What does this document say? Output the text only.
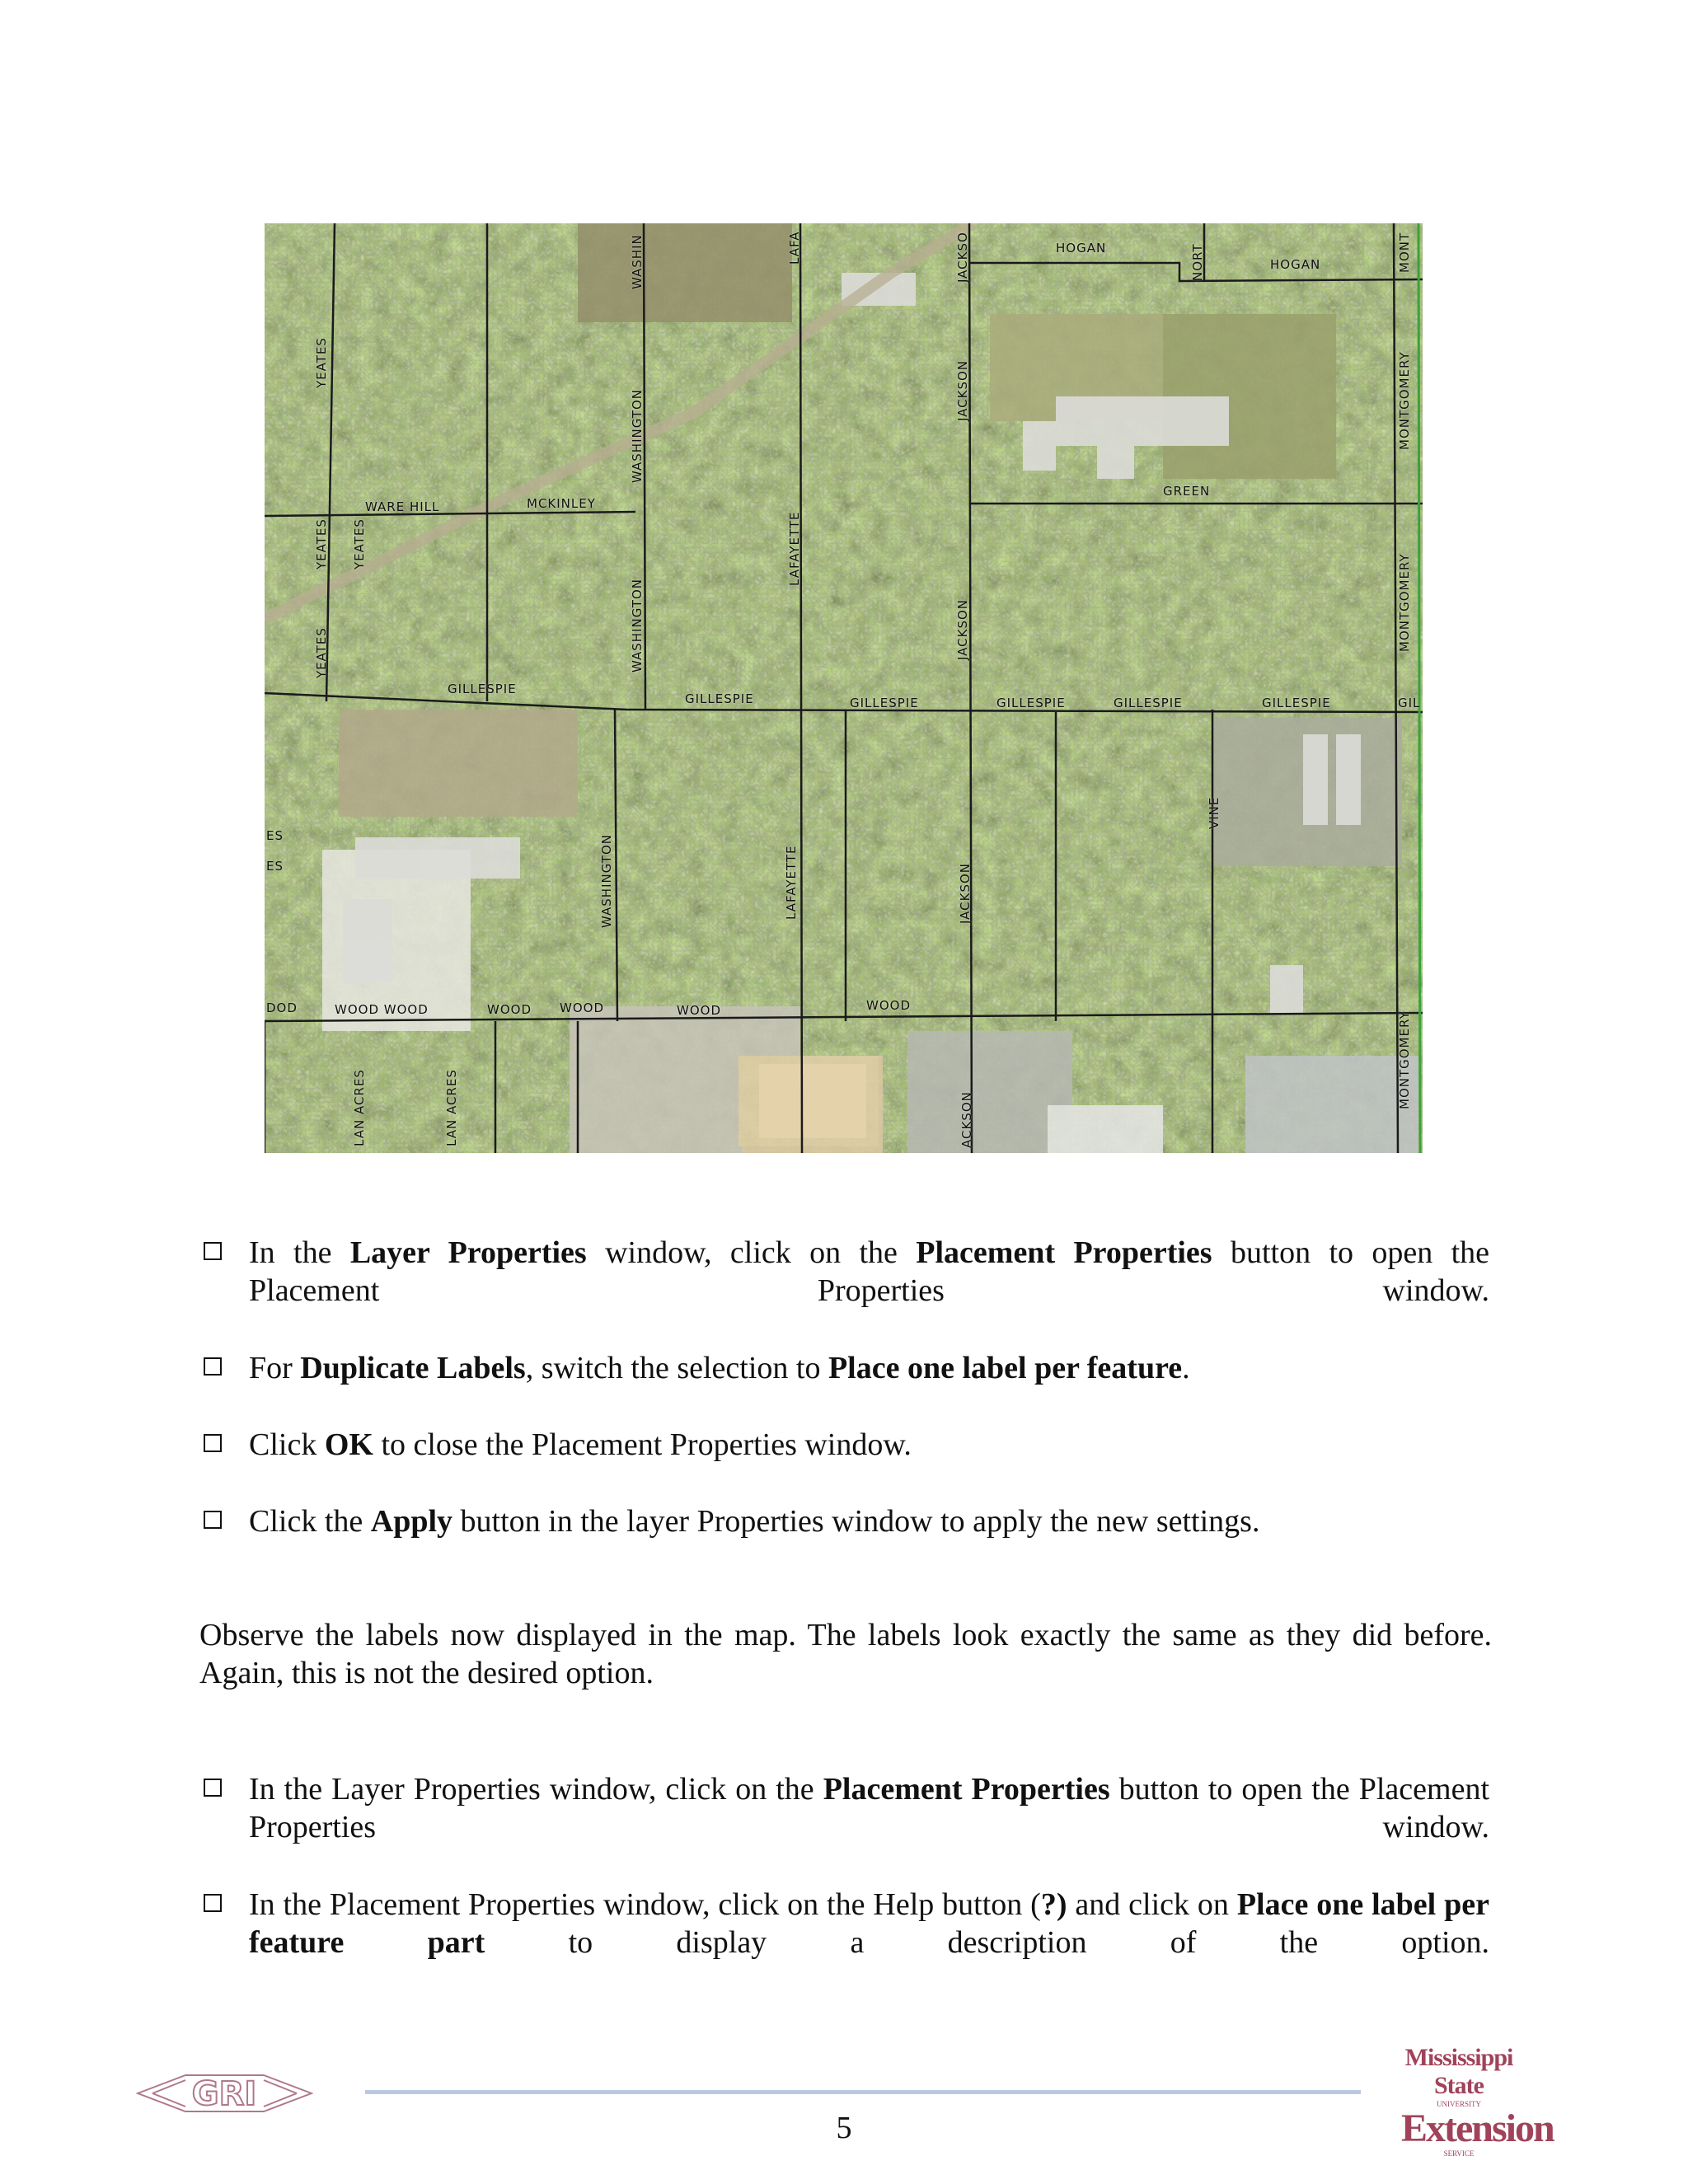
HOGAN
HOGAN
WARE HILL	MCKINLEY
GREEN
GILLESPIE
GILLESPIE	GILLESPIE	GILLESPIE	GILLESPIE	GILLESPIE	GIL
ES
ES
DOD	WOOD WOOD	WOOD WOOD	WOOD	WOOD
WASHIN	LAFA	JACKSO	MONT
NORT
YEATES
WASHINGTON	JACKSON	MONTGOMERY
YEATES YEATES	LAFAYETTE
WASHINGTON	JACKSON	MONTGOMERY
YEATES
WASHINGTON	LAFAYETTE	JACKSON
VINE
MONTGOMERY
LAN ACRES	LAN ACRES	ACKSON
In the Layer Properties window, click on the Placement Properties button to open the Placement Properties window.
For Duplicate Labels, switch the selection to Place one label per feature.
Click OK to close the Placement Properties window.
Click the Apply button in the layer Properties window to apply the new settings.
Observe the labels now displayed in the map. The labels look exactly the same as they did before. Again, this is not the desired option.
In the Layer Properties window, click on the Placement Properties button to open the Placement Properties window.
In the Placement Properties window, click on the Help button (?) and click on Place one label per feature part to display a description of the option.
GRI
5
Mississippi State
UNIVERSITY
Extension
SERVICE
